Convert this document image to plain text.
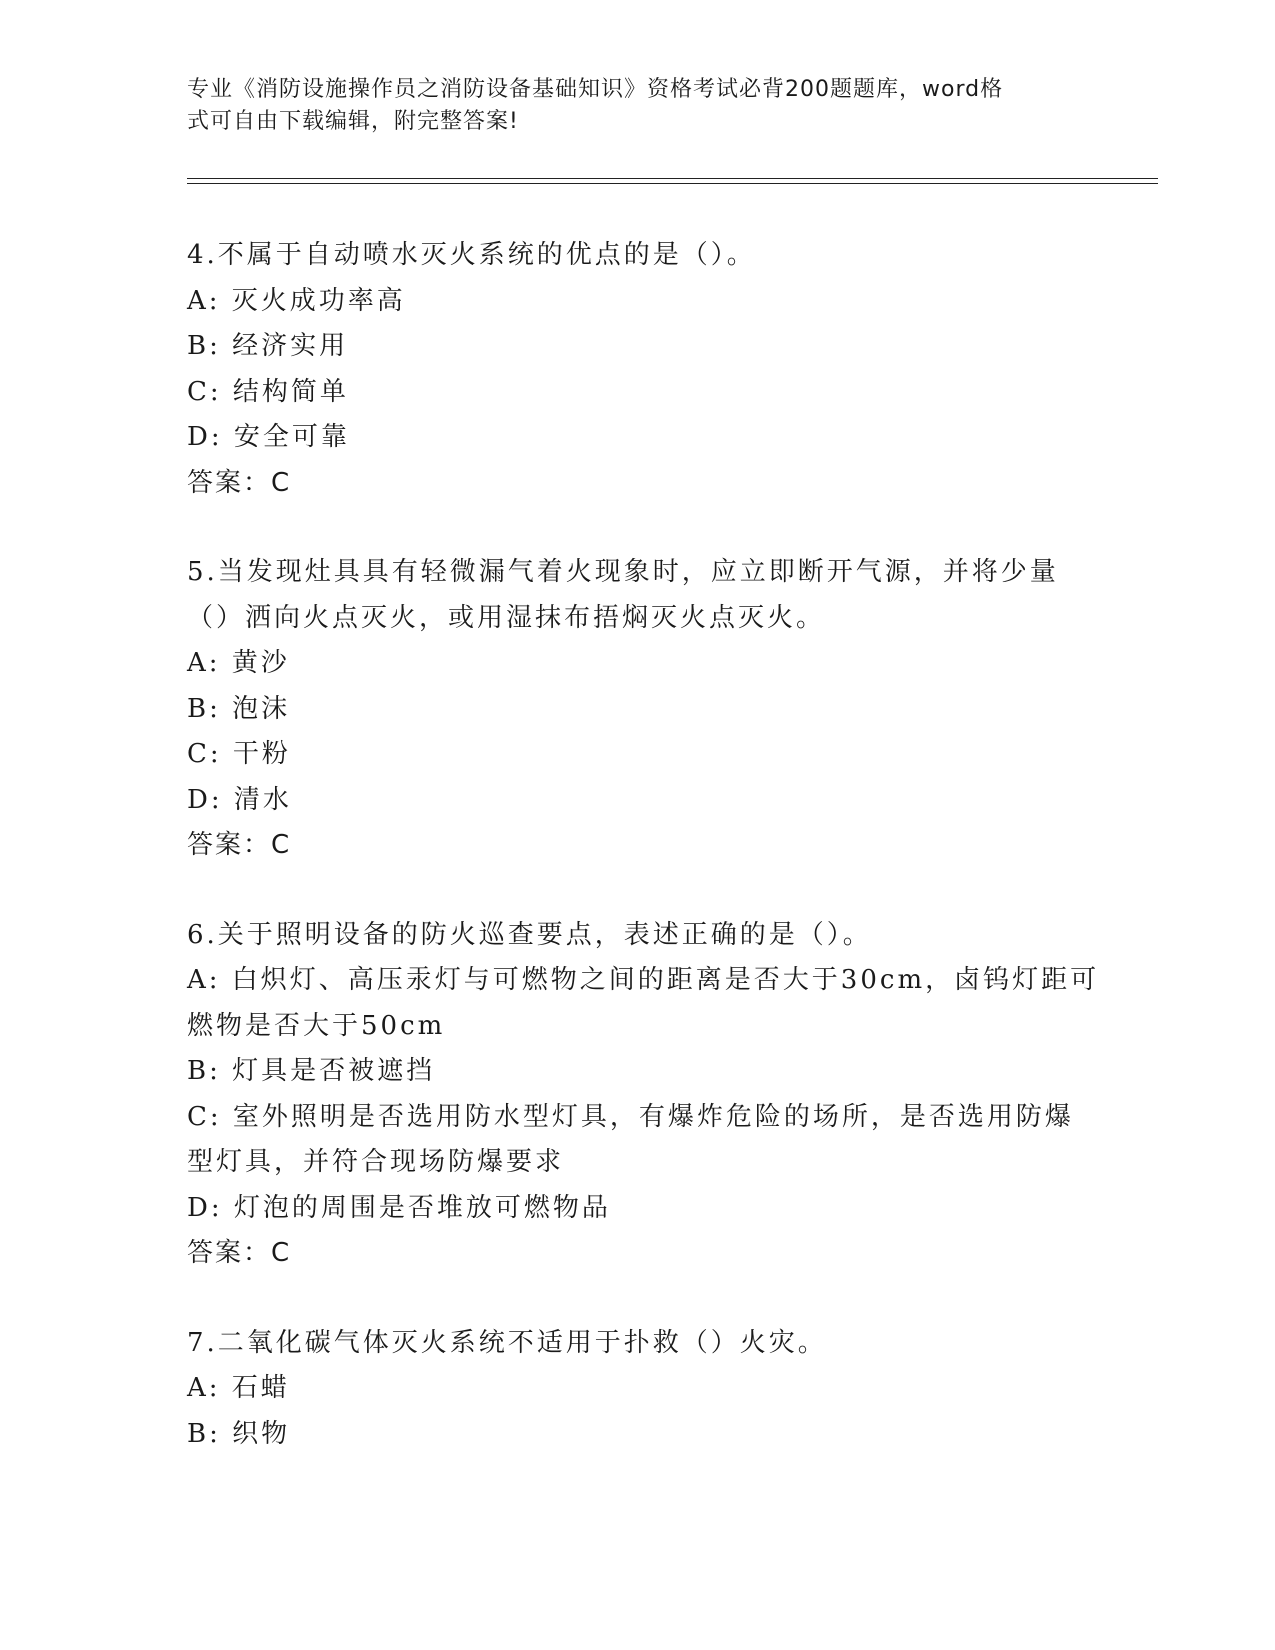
专业《消防设施操作员之消防设备基础知识》资格考试必背200题题库，word格
式可自由下载编辑，附完整答案!
4.不属于自动喷水灭火系统的优点的是（）。
A: 灭火成功率高
B: 经济实用
C: 结构简单
D: 安全可靠
答案：C
5.当发现灶具具有轻微漏气着火现象时，应立即断开气源，并将少量
（）洒向火点灭火，或用湿抹布捂焖灭火点灭火。
A: 黄沙
B: 泡沫
C: 干粉
D: 清水
答案：C
6.关于照明设备的防火巡查要点，表述正确的是（）。
A: 白炽灯、高压汞灯与可燃物之间的距离是否大于30cm，卤钨灯距可
燃物是否大于50cm
B: 灯具是否被遮挡
C: 室外照明是否选用防水型灯具，有爆炸危险的场所，是否选用防爆
型灯具，并符合现场防爆要求
D: 灯泡的周围是否堆放可燃物品
答案：C
7.二氧化碳气体灭火系统不适用于扑救（）火灾。
A: 石蜡
B: 织物
